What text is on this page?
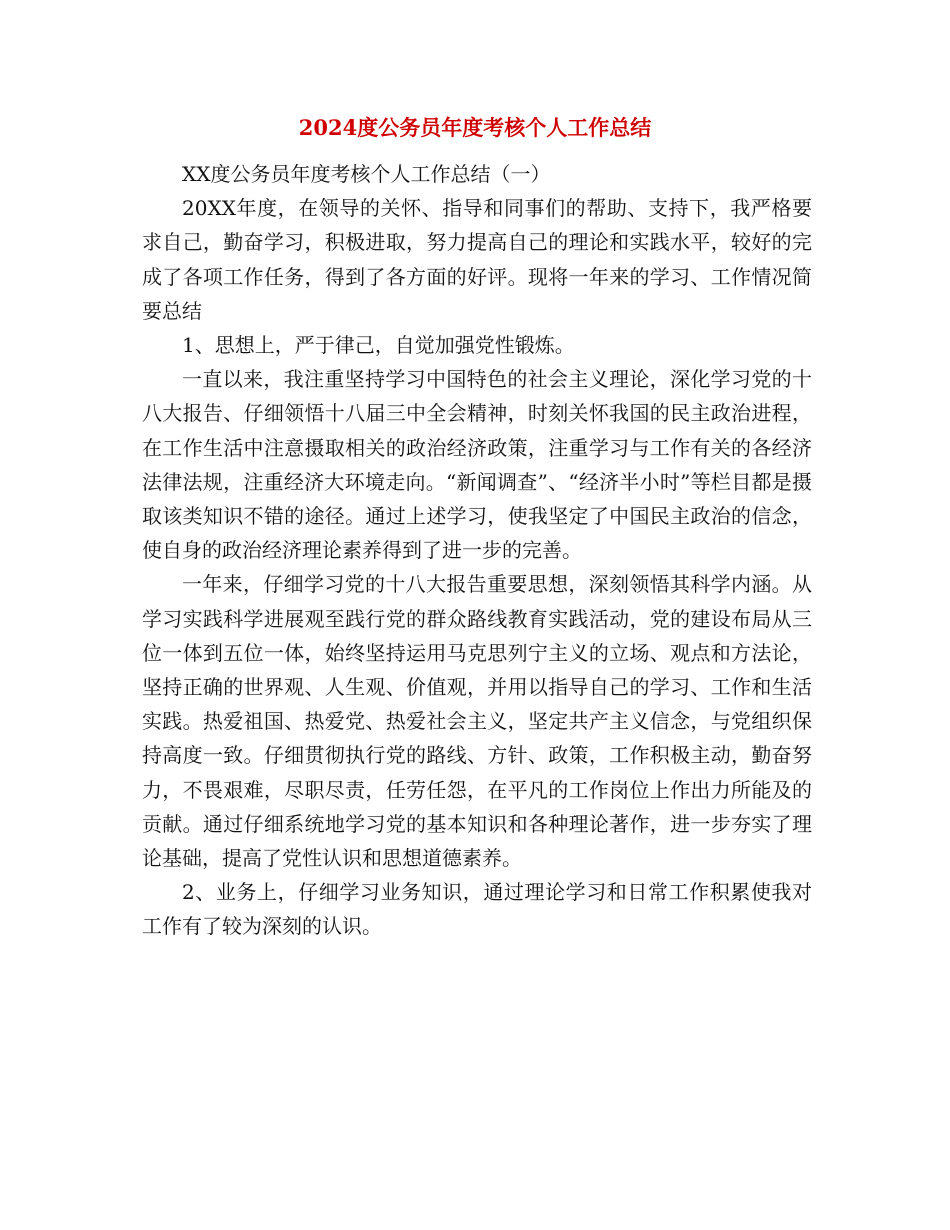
2024度公务员年度考核个人工作总结

XX度公务员年度考核个人工作总结（一）

20XX年度，在领导的关怀、指导和同事们的帮助、支持下，我严格要求自己，勤奋学习，积极进取，努力提高自己的理论和实践水平，较好的完成了各项工作任务，得到了各方面的好评。现将一年来的学习、工作情况简要总结

1、思想上，严于律己，自觉加强党性锻炼。

一直以来，我注重坚持学习中国特色的社会主义理论，深化学习党的十八大报告、仔细领悟十八届三中全会精神，时刻关怀我国的民主政治进程，在工作生活中注意摄取相关的政治经济政策，注重学习与工作有关的各经济法律法规，注重经济大环境走向。“新闻调查”、“经济半小时”等栏目都是摄取该类知识不错的途径。通过上述学习，使我坚定了中国民主政治的信念，使自身的政治经济理论素养得到了进一步的完善。

一年来，仔细学习党的十八大报告重要思想，深刻领悟其科学内涵。从学习实践科学进展观至践行党的群众路线教育实践活动，党的建设布局从三位一体到五位一体，始终坚持运用马克思列宁主义的立场、观点和方法论，坚持正确的世界观、人生观、价值观，并用以指导自己的学习、工作和生活实践。热爱祖国、热爱党、热爱社会主义，坚定共产主义信念，与党组织保持高度一致。仔细贯彻执行党的路线、方针、政策，工作积极主动，勤奋努力，不畏艰难，尽职尽责，任劳任怨，在平凡的工作岗位上作出力所能及的贡献。通过仔细系统地学习党的基本知识和各种理论著作，进一步夯实了理论基础，提高了党性认识和思想道德素养。

2、业务上，仔细学习业务知识，通过理论学习和日常工作积累使我对工作有了较为深刻的认识。
